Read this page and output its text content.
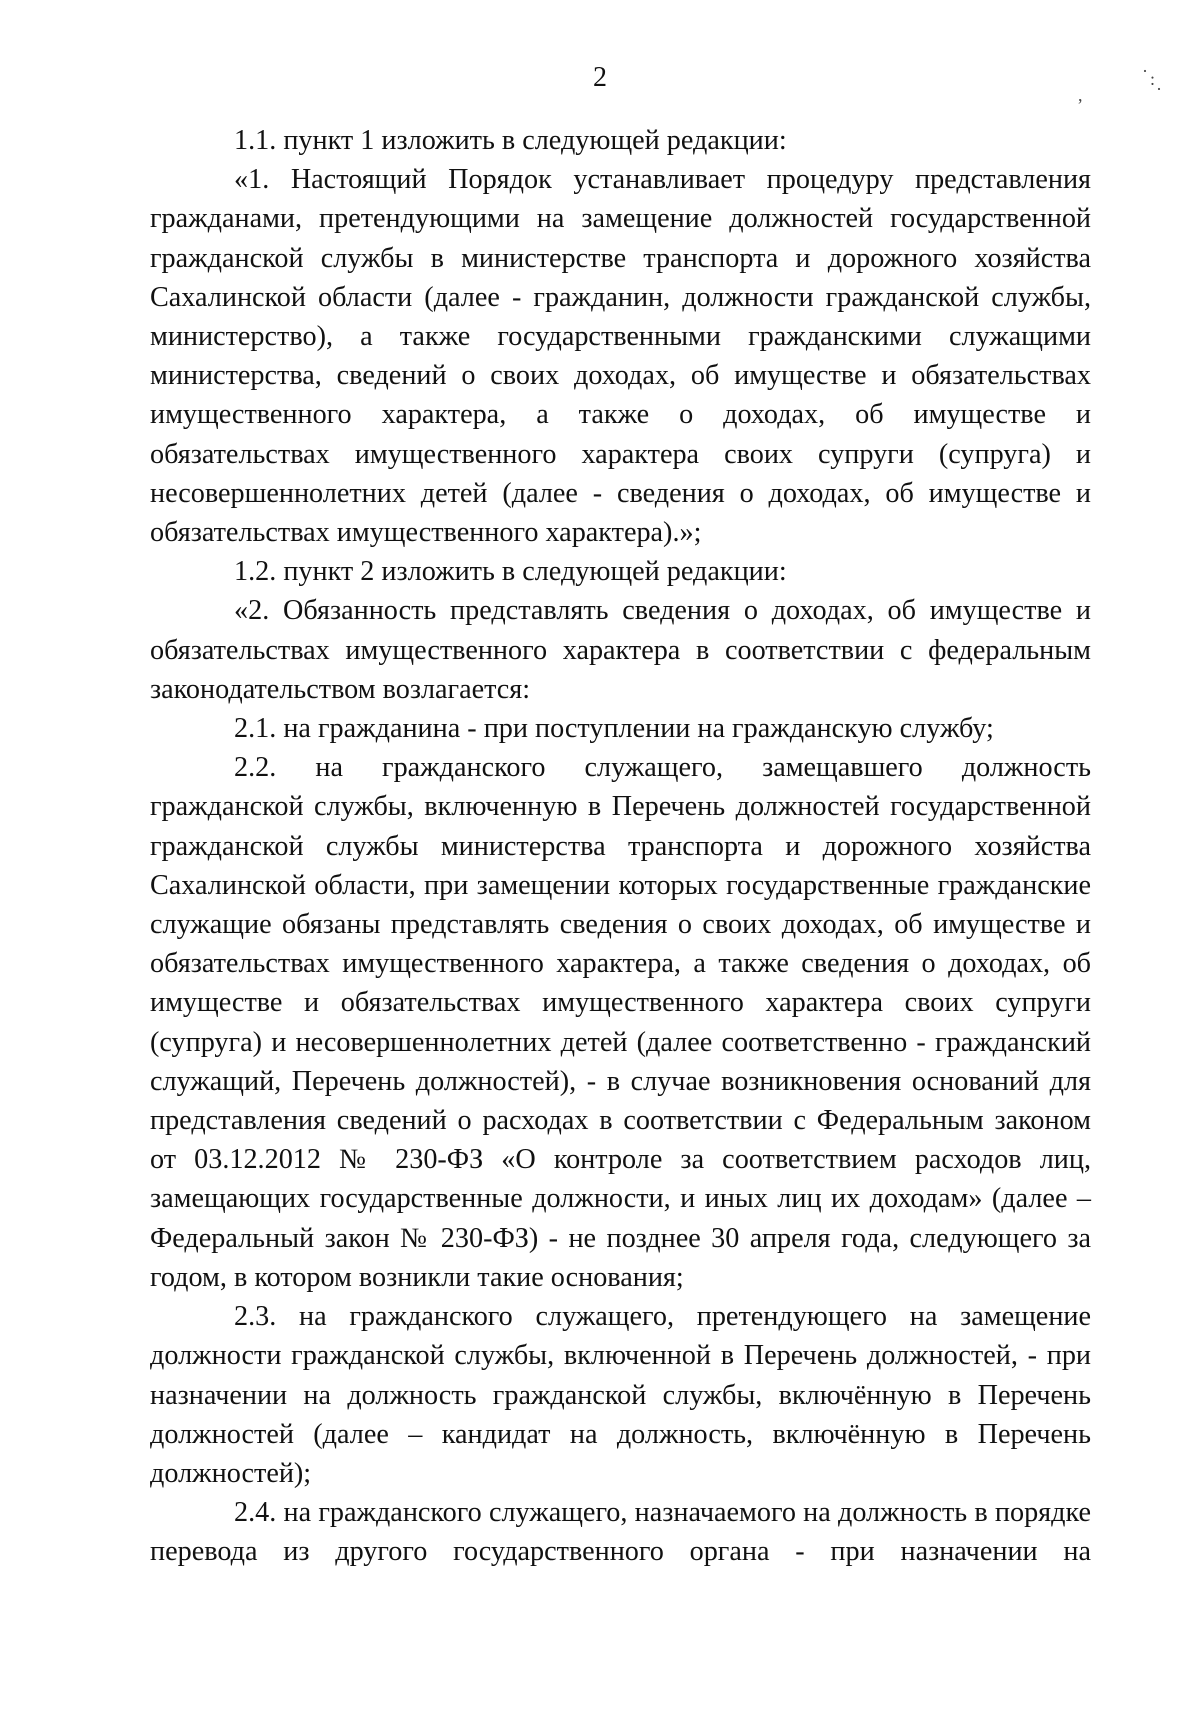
2
,
· : ·

1.1. пункт 1 изложить в следующей редакции:

«1. Настоящий Порядок устанавливает процедуру представления гражданами, претендующими на замещение должностей государственной гражданской службы в министерстве транспорта и дорожного хозяйства Сахалинской области (далее - гражданин, должности гражданской службы, министерство), а также государственными гражданскими служащими министерства, сведений о своих доходах, об имуществе и обязательствах имущественного характера, а также о доходах, об имуществе и обязательствах имущественного характера своих супруги (супруга) и несовершеннолетних детей (далее - сведения о доходах, об имуществе и обязательствах имущественного характера).»;

1.2. пункт 2 изложить в следующей редакции:

«2. Обязанность представлять сведения о доходах, об имуществе и обязательствах имущественного характера в соответствии с федеральным законодательством возлагается:

2.1. на гражданина - при поступлении на гражданскую службу;

2.2. на гражданского служащего, замещавшего должность гражданской службы, включенную в Перечень должностей государственной гражданской службы министерства транспорта и дорожного хозяйства Сахалинской области, при замещении которых государственные гражданские служащие обязаны представлять сведения о своих доходах, об имуществе и обязательствах имущественного характера, а также сведения о доходах, об имуществе и обязательствах имущественного характера своих супруги (супруга) и несовершеннолетних детей (далее соответственно - гражданский служащий, Перечень должностей), - в случае возникновения оснований для представления сведений о расходах в соответствии с Федеральным законом от 03.12.2012 № 230-ФЗ «О контроле за соответствием расходов лиц, замещающих государственные должности, и иных лиц их доходам» (далее – Федеральный закон № 230-ФЗ) - не позднее 30 апреля года, следующего за годом, в котором возникли такие основания;

2.3. на гражданского служащего, претендующего на замещение должности гражданской службы, включенной в Перечень должностей, - при назначении на должность гражданской службы, включённую в Перечень должностей (далее – кандидат на должность, включённую в Перечень должностей);

2.4. на гражданского служащего, назначаемого на должность в порядке перевода из другого государственного органа - при назначении на
